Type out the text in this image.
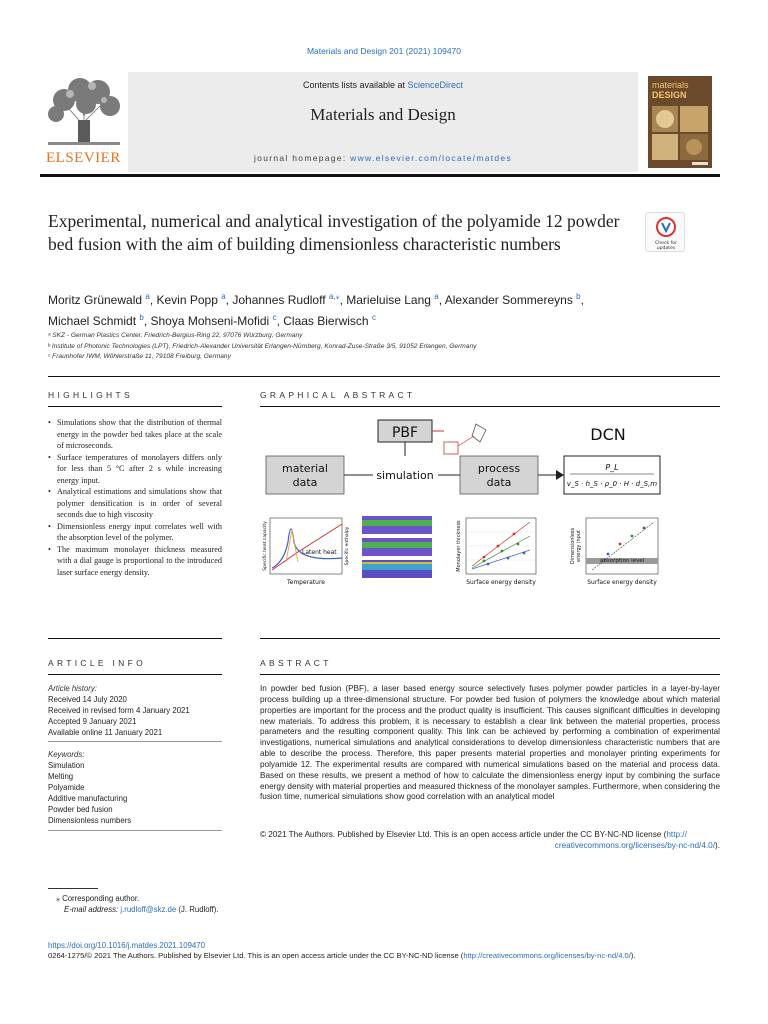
Materials and Design 201 (2021) 109470
Contents lists available at ScienceDirect
Materials and Design
journal homepage: www.elsevier.com/locate/matdes
ELSEVIER
materials
DESIGN
Experimental, numerical and analytical investigation of the polyamide 12 powder bed fusion with the aim of building dimensionless characteristic numbers	Check for
updates
Moritz Grünewald $^a$, Kevin Popp $^a$, Johannes Rudloff $^{a,⁎}$, Marieluise Lang $^a$, Alexander Sommereyns $^b$,
Michael Schmidt $^b$, Shoya Mohseni-Mofidi $^c$, Claas Bierwisch $^c$
ᵃ SKZ - German Plastics Center, Friedrich-Bergius-Ring 22, 97076 Würzburg, Germany
ᵇ Institute of Photonic Technologies (LPT), Friedrich-Alexander Universität Erlangen-Nürnberg, Konrad-Zuse-Straße 3/5, 91052 Erlangen, Germany
ᶜ Fraunhofer IWM, Wöhlerstraße 11, 79108 Freiburg, Germany
HIGHLIGHTS	GRAPHICAL ABSTRACT
• Simulations show that the distribution of thermal energy in the powder bed takes place at the scale of microseconds.
• Surface temperatures of monolayers differs only for less than 5 °C after 2 s while increasing energy input.
• Analytical estimations and simulations show that polymer densification is in order of several seconds due to high viscosity
• Dimensionless energy input correlates well with the absorption level of the polymer.
• The maximum monolayer thickness measured with a dial gauge is proportional to the introduced laser surface energy density.
PBF
material
data
simulation
process
data
DCN
P_L
v_S · h_S · ρ_0 · H · d_S,m
Latent heat
Temperature
Specific heat capacity	Specific enthalpy
Surface energy density
Monolayer thickness	absorption level
Surface energy density
Dimensionless energy input
ARTICLE INFO	ABSTRACT
Article history:
Received 14 July 2020
Received in revised form 4 January 2021
Accepted 9 January 2021
Available online 11 January 2021
Keywords:
Simulation
Melting
Polyamide
Additive manufacturing
Powder bed fusion
Dimensionless numbers
In powder bed fusion (PBF), a laser based energy source selectively fuses polymer powder particles in a layer-by-layer process building up a three-dimensional structure. For powder bed fusion of polymers the knowledge about which material properties are important for the process and the product quality is insufficient. This causes significant difficulties in developing new materials. To address this problem, it is necessary to establish a clear link between the material properties, process parameters and the resulting component quality. This link can be achieved by performing a combination of experimental investigations, numerical simulations and analytical considerations to develop dimensionless characteristic numbers that are able to describe the process. Therefore, this paper presents material properties and monolayer printing experiments for polyamide 12. The experimental results are compared with numerical simulations based on the material and process data. Based on these results, we present a method of how to calculate the dimensionless energy input by combining the surface energy density with material properties and measured thickness of the monolayer samples. Furthermore, when considering the fusion time, numerical simulations show good correlation with an analytical model
© 2021 The Authors. Published by Elsevier Ltd. This is an open access article under the CC BY-NC-ND license (http://
creativecommons.org/licenses/by-nc-nd/4.0/).
⁎ Corresponding author.
E-mail address: j.rudloff@skz.de (J. Rudloff).
https://doi.org/10.1016/j.matdes.2021.109470
0264-1275/© 2021 The Authors. Published by Elsevier Ltd. This is an open access article under the CC BY-NC-ND license (http://creativecommons.org/licenses/by-nc-nd/4.0/).
